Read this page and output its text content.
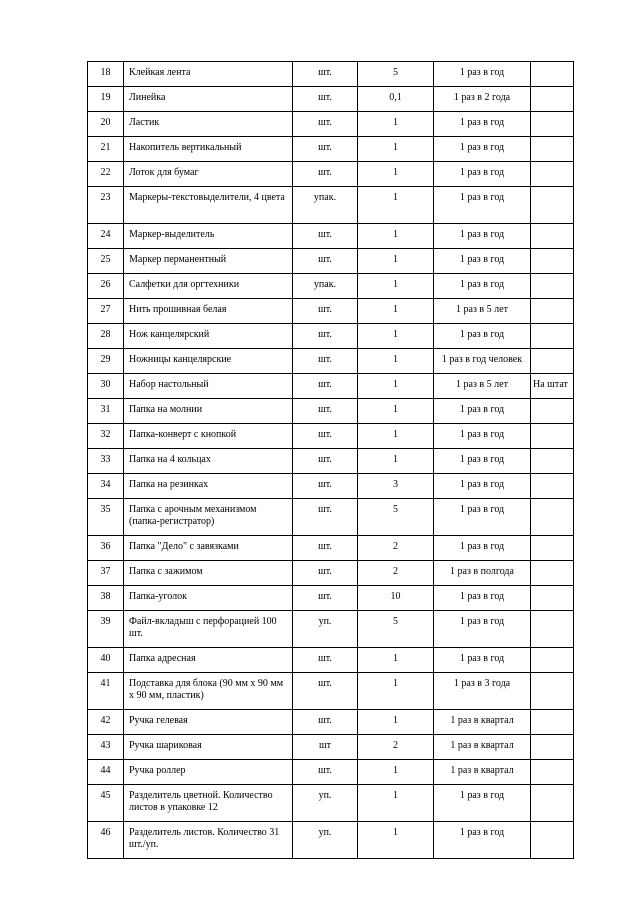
18	Клейкая лента	шт.	5	1 раз в год	
19	Линейка	шт.	0,1	1 раз в 2 года	
20	Ластик	шт.	1	1 раз в год	
21	Накопитель вертикальный	шт.	1	1 раз в год	
22	Лоток для бумаг	шт.	1	1 раз в год	
23	Маркеры-текстовыделители, 4 цвета	упак.	1	1 раз в год	
24	Маркер-выделитель	шт.	1	1 раз в год	
25	Маркер перманентный	шт.	1	1 раз в год	
26	Салфетки для оргтехники	упак.	1	1 раз в год	
27	Нить прошивная белая	шт.	1	1 раз в 5 лет	
28	Нож канцелярский	шт.	1	1 раз в год	
29	Ножницы канцелярские	шт.	1	1 раз в год человек	
30	Набор настольный	шт.	1	1 раз в 5 лет	На штат
31	Папка на молнии	шт.	1	1 раз в год	
32	Папка-конверт с кнопкой	шт.	1	1 раз в год	
33	Папка на 4 кольцах	шт.	1	1 раз в год	
34	Папка на резинках	шт.	3	1 раз в год	
35	Папка с арочным механизмом (папка-регистратор)	шт.	5	1 раз в год	
36	Папка "Дело" с завязками	шт.	2	1 раз в год	
37	Папка с зажимом	шт.	2	1 раз в полгода	
38	Папка-уголок	шт.	10	1 раз в год	
39	Файл-вкладыш с перфорацией 100 шт.	уп.	5	1 раз в год	
40	Папка адресная	шт.	1	1 раз в год	
41	Подставка для блока (90 мм х 90 мм х 90 мм, пластик)	шт.	1	1 раз в 3 года	
42	Ручка гелевая	шт.	1	1 раз в квартал	
43	Ручка шариковая	шт	2	1 раз в квартал	
44	Ручка роллер	шт.	1	1 раз в квартал	
45	Разделитель цветной. Количество листов в упаковке 12	уп.	1	1 раз в год	
46	Разделитель листов. Количество 31 шт./уп.	уп.	1	1 раз в год	
